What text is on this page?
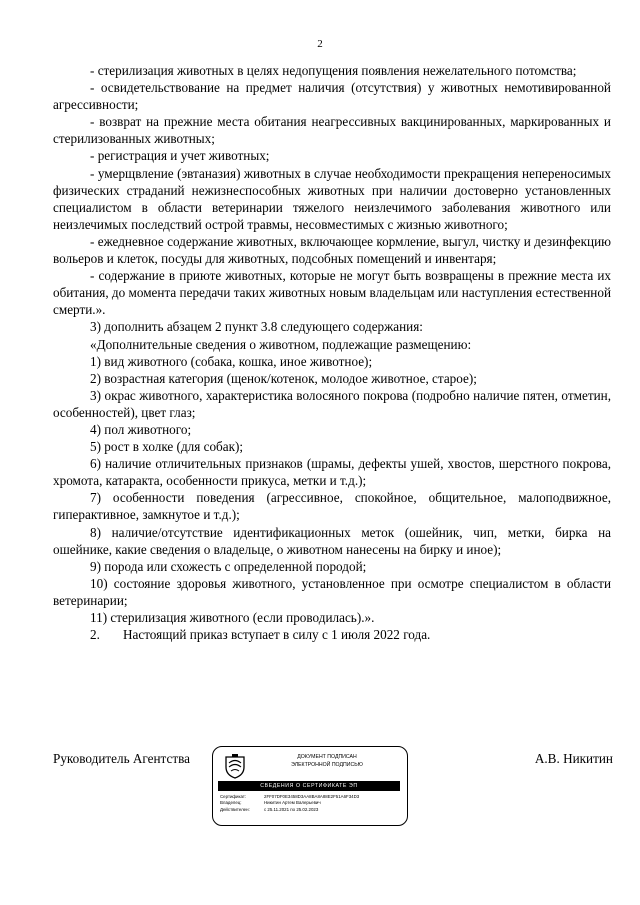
2

- стерилизация животных в целях недопущения появления нежелательного потомства;

- освидетельствование на предмет наличия (отсутствия) у животных немотивированной агрессивности;

- возврат на прежние места обитания неагрессивных вакцинированных, маркированных и стерилизованных животных;

- регистрация и учет животных;

- умерщвление (эвтаназия) животных в случае необходимости прекращения непереносимых физических страданий нежизнеспособных животных при наличии достоверно установленных специалистом в области ветеринарии тяжелого неизлечимого заболевания животного или неизлечимых последствий острой травмы, несовместимых с жизнью животного;

- ежедневное содержание животных, включающее кормление, выгул, чистку и дезинфекцию вольеров и клеток, посуды для животных, подсобных помещений и инвентаря;

- содержание в приюте животных, которые не могут быть возвращены в прежние места их обитания, до момента передачи таких животных новым владельцам или наступления естественной смерти.».

3) дополнить абзацем 2 пункт 3.8 следующего содержания:

«Дополнительные сведения о животном, подлежащие размещению:

1) вид животного (собака, кошка, иное животное);

2) возрастная категория (щенок/котенок, молодое животное, старое);

3) окрас животного, характеристика волосяного покрова (подробно наличие пятен, отметин, особенностей), цвет глаз;

4) пол животного;

5) рост в холке (для собак);

6) наличие отличительных признаков (шрамы, дефекты ушей, хвостов, шерстного покрова, хромота, катаракта, особенности прикуса, метки и т.д.);

7) особенности поведения (агрессивное, спокойное, общительное, малоподвижное, гиперактивное, замкнутое и т.д.);

8) наличие/отсутствие идентификационных меток (ошейник, чип, метки, бирка на ошейнике, какие сведения о владельце, о животном нанесены на бирку и иное);

9) порода или схожесть с определенной породой;

10) состояние здоровья животного, установленное при осмотре специалистом в области ветеринарии;

11) стерилизация животного (если проводилась).».

2.       Настоящий приказ вступает в силу с 1 июля 2022 года.

Руководитель Агентства	А.В. Никитин
ДОКУМЕНТ ПОДПИСАН
ЭЛЕКТРОННОЙ ПОДПИСЬЮ
СВЕДЕНИЯ О СЕРТИФИКАТЕ ЭП
Сертификат:	2FF07DF0E3458D3AA8BA8A88E2F51A6F34D3
Владелец:	Никитин Артем Валерьевич
Действителен:	с 25.11.2021 по 25.02.2023
